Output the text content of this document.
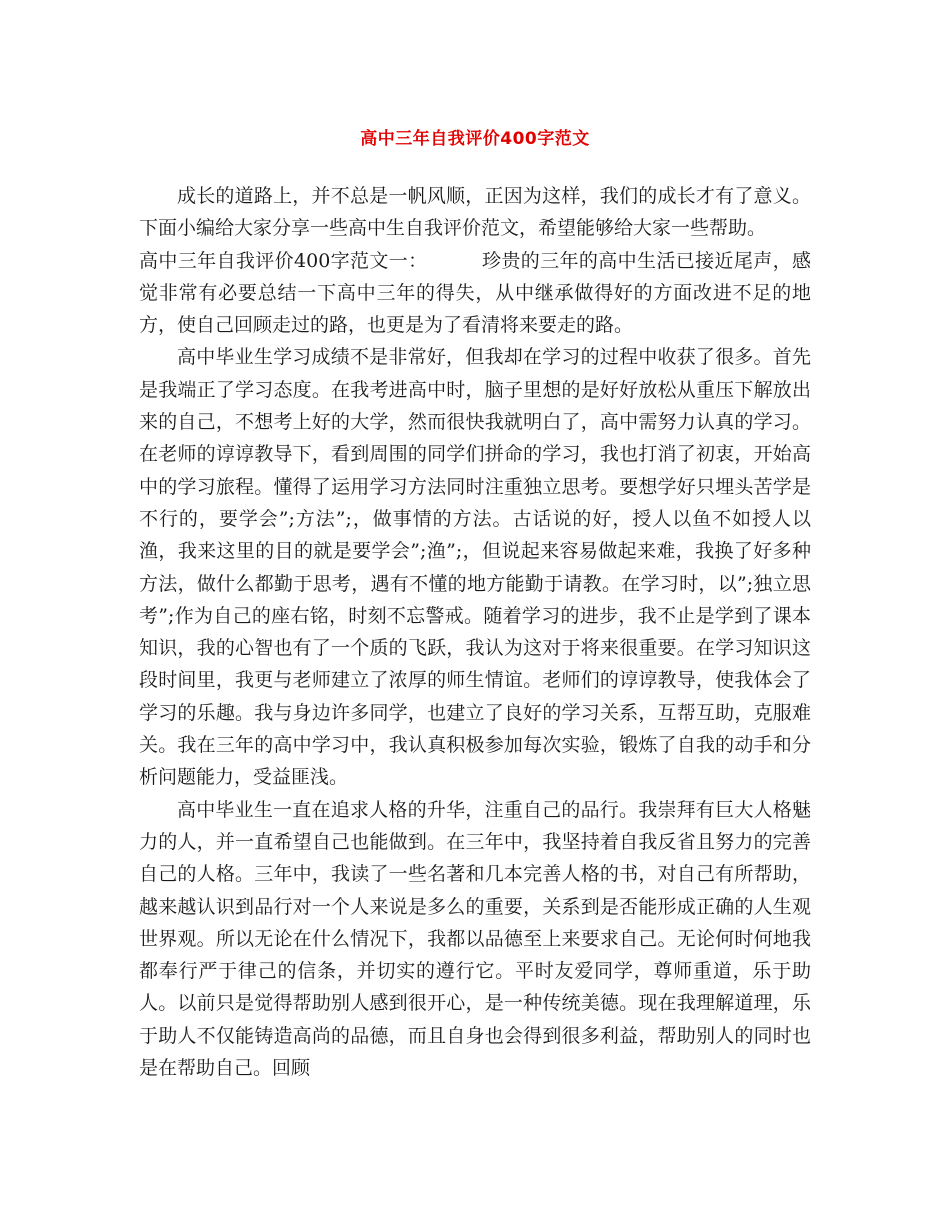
高中三年自我评价400字范文

成长的道路上，并不总是一帆风顺，正因为这样，我们的成长才有了意义。下面小编给大家分享一些高中生自我评价范文，希望能够给大家一些帮助。

高中三年自我评价400字范文一：	珍贵的三年的高中生活已接近尾声，感觉非常有必要总结一下高中三年的得失，从中继承做得好的方面改进不足的地方，使自己回顾走过的路，也更是为了看清将来要走的路。

高中毕业生学习成绩不是非常好，但我却在学习的过程中收获了很多。首先是我端正了学习态度。在我考进高中时，脑子里想的是好好放松从重压下解放出来的自己，不想考上好的大学，然而很快我就明白了，高中需努力认真的学习。在老师的谆谆教导下，看到周围的同学们拼命的学习，我也打消了初衷，开始高中的学习旅程。懂得了运用学习方法同时注重独立思考。要想学好只埋头苦学是不行的，要学会”;方法”;，做事情的方法。古话说的好，授人以鱼不如授人以渔，我来这里的目的就是要学会”;渔”;，但说起来容易做起来难，我换了好多种方法，做什么都勤于思考，遇有不懂的地方能勤于请教。在学习时，以”;独立思考”;作为自己的座右铭，时刻不忘警戒。随着学习的进步，我不止是学到了课本知识，我的心智也有了一个质的飞跃，我认为这对于将来很重要。在学习知识这段时间里，我更与老师建立了浓厚的师生情谊。老师们的谆谆教导，使我体会了学习的乐趣。我与身边许多同学，也建立了良好的学习关系，互帮互助，克服难关。我在三年的高中学习中，我认真积极参加每次实验，锻炼了自我的动手和分析问题能力，受益匪浅。

高中毕业生一直在追求人格的升华，注重自己的品行。我崇拜有巨大人格魅力的人，并一直希望自己也能做到。在三年中，我坚持着自我反省且努力的完善自己的人格。三年中，我读了一些名著和几本完善人格的书，对自己有所帮助，越来越认识到品行对一个人来说是多么的重要，关系到是否能形成正确的人生观世界观。所以无论在什么情况下，我都以品德至上来要求自己。无论何时何地我都奉行严于律己的信条，并切实的遵行它。平时友爱同学，尊师重道，乐于助人。以前只是觉得帮助别人感到很开心，是一种传统美德。现在我理解道理，乐于助人不仅能铸造高尚的品德，而且自身也会得到很多利益，帮助别人的同时也是在帮助自己。回顾
